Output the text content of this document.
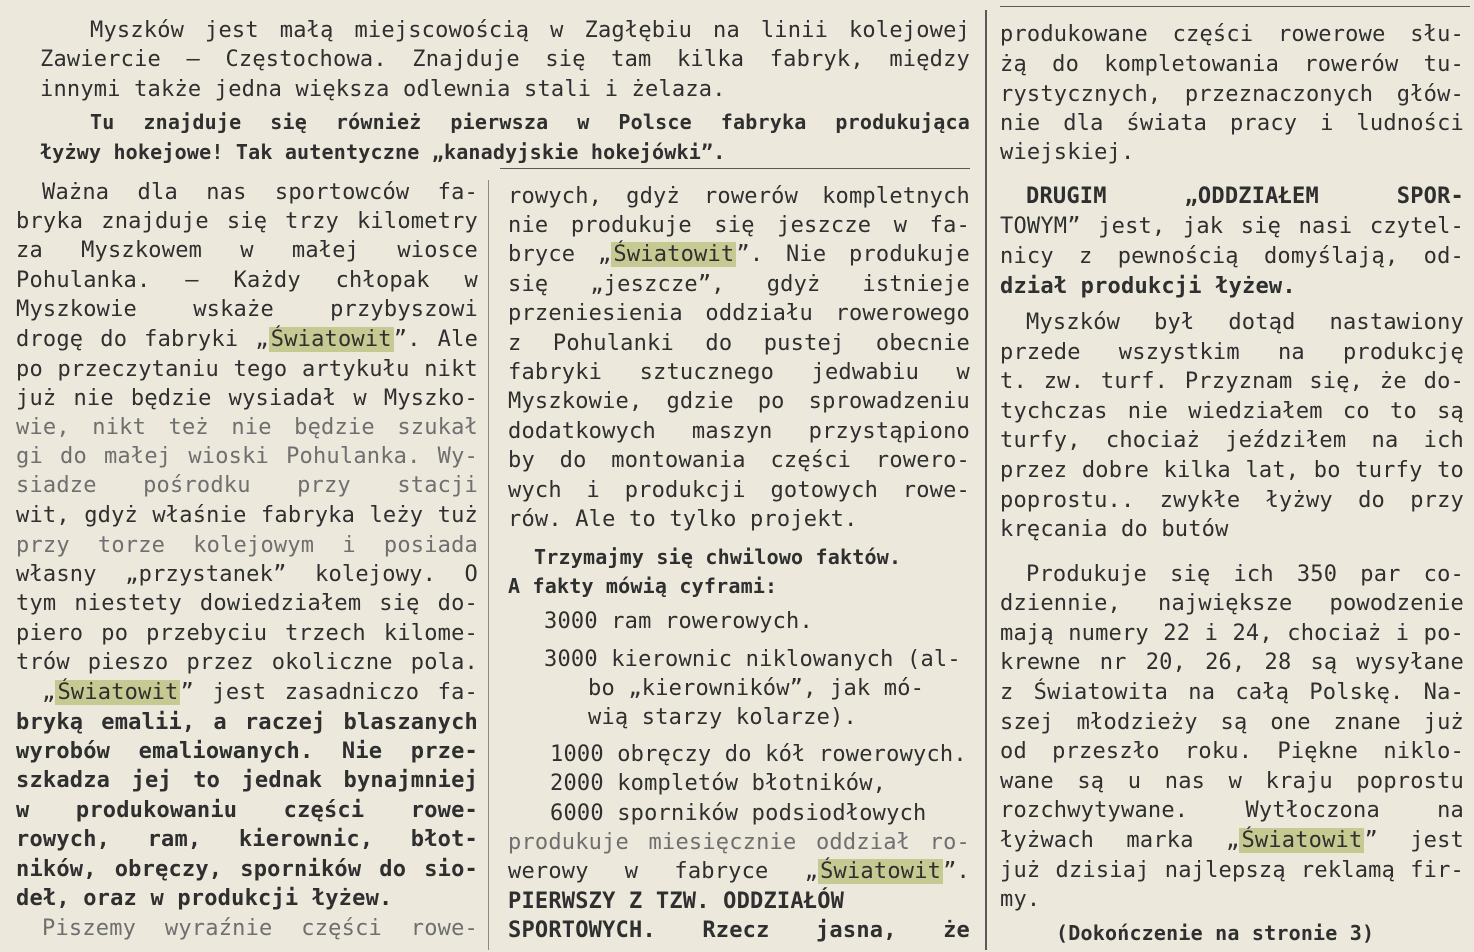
Myszków jest małą miejscowością w Zagłębiu na linii kolejowej
Zawiercie — Częstochowa. Znajduje się tam kilka fabryk, między
innymi także jedna większa odlewnia stali i żelaza.
Tu znajduje się również pierwsza w Polsce fabryka produkująca
łyżwy hokejowe! Tak autentyczne „kanadyjskie hokejówki”.
Ważna dla nas sportowców fa-
bryka znajduje się trzy kilometry
za Myszkowem w małej wiosce
Pohulanka. — Każdy chłopak w
Myszkowie wskaże przybyszowi
drogę do fabryki „Światowit”. Ale
po przeczytaniu tego artykułu nikt
już nie będzie wysiadał w Myszko-
wie, nikt też nie będzie szukał
gi do małej wioski Pohulanka. Wy-
siadze pośrodku przy stacji
wit, gdyż właśnie fabryka leży tuż
przy torze kolejowym i posiada
własny „przystanek” kolejowy. O
tym niestety dowiedziałem się do-
piero po przebyciu trzech kilome-
trów pieszo przez okoliczne pola.
„Światowit” jest zasadniczo fa-
bryką emalii, a raczej blaszanych
wyrobów emaliowanych. Nie prze-
szkadza jej to jednak bynajmniej
w produkowaniu części rowe-
rowych, ram, kierownic, błot-
ników, obręczy, sporników do sio-
deł, oraz w produkcji łyżew.
Piszemy wyraźnie części rowe-
rowych, gdyż rowerów kompletnych
nie produkuje się jeszcze w fa-
bryce „Światowit”. Nie produkuje
się „jeszcze”, gdyż istnieje
przeniesienia oddziału rowerowego
z Pohulanki do pustej obecnie
fabryki sztucznego jedwabiu w
Myszkowie, gdzie po sprowadzeniu
dodatkowych maszyn przystąpiono
by do montowania części rowero-
wych i produkcji gotowych rowe-
rów. Ale to tylko projekt.
Trzymajmy się chwilowo faktów.
A fakty mówią cyframi:
3000 ram rowerowych.
3000 kierownic niklowanych (al-
bo „kierowników”, jak mó-
wią starzy kolarze).
1000 obręczy do kół rowerowych.
2000 kompletów błotników,
6000 sporników podsiodłowych
produkuje miesięcznie oddział ro-
werowy w fabryce „Światowit”.
PIERWSZY Z TZW. ODDZIAŁÓW
SPORTOWYCH. Rzecz jasna, że
produkowane części rowerowe słu-
żą do kompletowania rowerów tu-
rystycznych, przeznaczonych głów-
nie dla świata pracy i ludności
wiejskiej.
DRUGIM „ODDZIAŁEM SPOR-
TOWYM” jest, jak się nasi czytel-
nicy z pewnością domyślają, od-
dział produkcji łyżew.
Myszków był dotąd nastawiony
przede wszystkim na produkcję
t. zw. turf. Przyznam się, że do-
tychczas nie wiedziałem co to są
turfy, chociaż jeździłem na ich
przez dobre kilka lat, bo turfy to
poprostu.. zwykłe łyżwy do przy
kręcania do butów
Produkuje się ich 350 par co-
dziennie, największe powodzenie
mają numery 22 i 24, chociaż i po-
krewne nr 20, 26, 28 są wysyłane
z Światowita na całą Polskę. Na-
szej młodzieży są one znane już
od przeszło roku. Piękne niklo-
wane są u nas w kraju poprostu
rozchwytywane. Wytłoczona na
łyżwach marka „Światowit” jest
już dzisiaj najlepszą reklamą fir-
my.
(Dokończenie na stronie 3)
